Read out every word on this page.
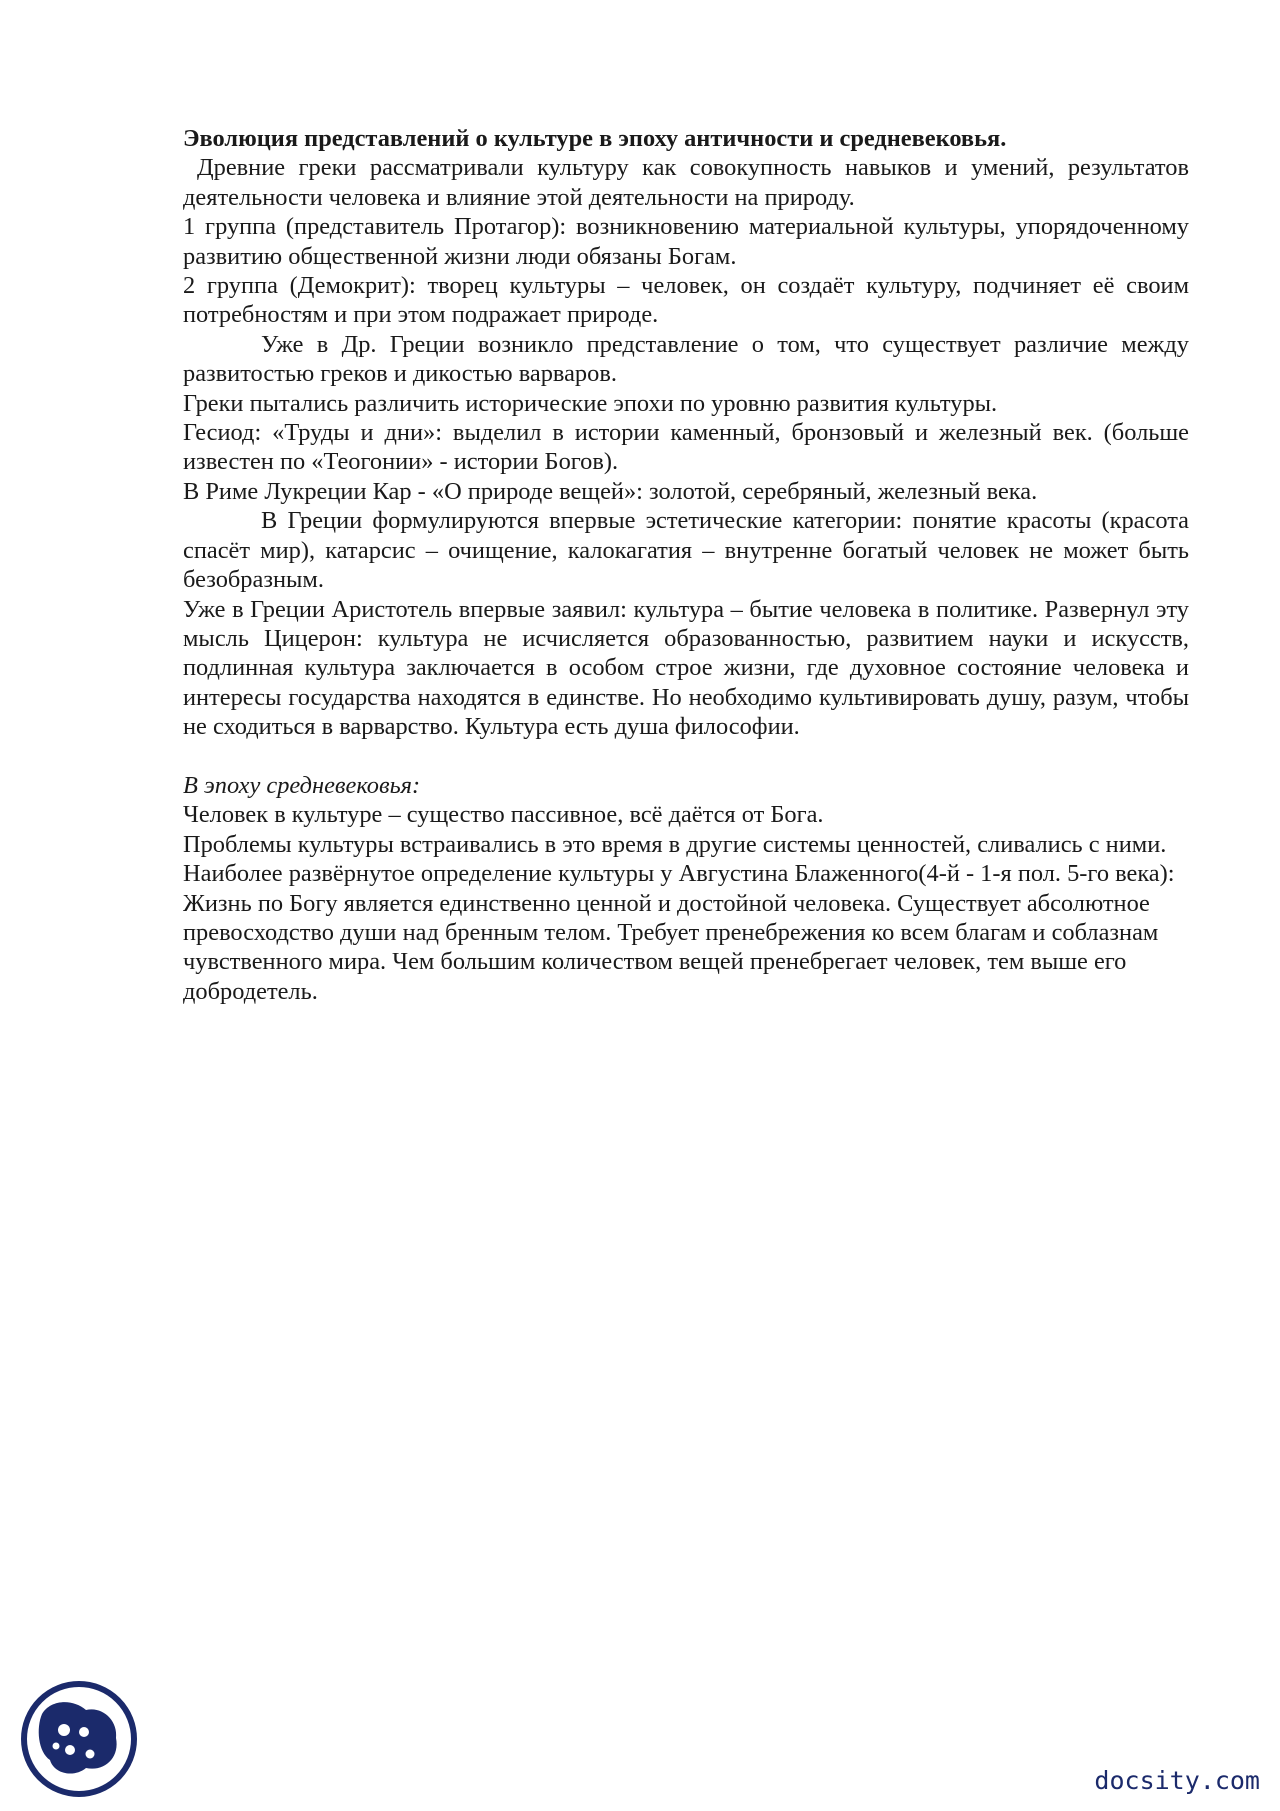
Эволюция представлений о культуре в эпоху античности и средневековья.

Древние греки рассматривали культуру как совокупность навыков и умений, результатов деятельности человека и влияние этой деятельности на природу.

1 группа (представитель Протагор): возникновению материальной культуры, упорядоченному развитию общественной жизни люди обязаны Богам.

2 группа (Демокрит): творец культуры – человек, он создаёт культуру, подчиняет её своим потребностям и при этом подражает природе.

Уже в Др. Греции возникло представление о том, что существует различие между развитостью греков и дикостью варваров.

Греки пытались различить исторические эпохи по уровню развития культуры.

Гесиод: «Труды и дни»: выделил в истории каменный, бронзовый и железный век. (больше известен по «Теогонии» - истории Богов).

В Риме Лукреции Кар - «О природе вещей»: золотой, серебряный, железный века.

В Греции формулируются впервые эстетические категории: понятие красоты (красота спасёт мир), катарсис – очищение, калокагатия – внутренне богатый человек не может быть безобразным.

Уже в Греции Аристотель впервые заявил: культура – бытие человека в политике. Развернул эту мысль Цицерон: культура не исчисляется образованностью, развитием науки и искусств, подлинная культура заключается в особом строе жизни, где духовное состояние человека и интересы государства находятся в единстве. Но необходимо культивировать душу, разум, чтобы не сходиться в варварство. Культура есть душа философии.

В эпоху средневековья:

Человек в культуре – существо пассивное, всё даётся от Бога.

Проблемы культуры встраивались в это время в другие системы ценностей, сливались с ними.

Наиболее развёрнутое определение культуры у Августина Блаженного(4-й - 1-я пол. 5-го века):

Жизнь по Богу является единственно ценной и достойной человека. Существует абсолютное превосходство души над бренным телом. Требует пренебрежения ко всем благам и соблазнам чувственного мира. Чем большим количеством вещей пренебрегает человек, тем выше его добродетель.

docsity.com
